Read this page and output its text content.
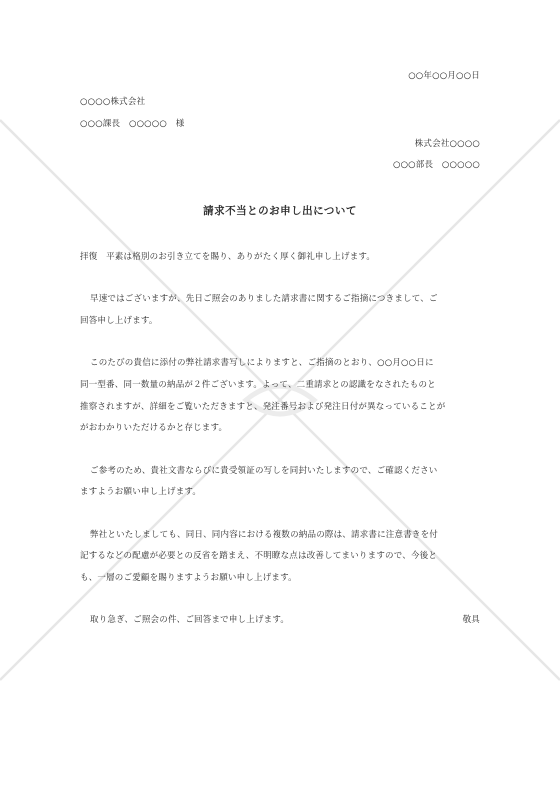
○○年○○月○○日
○○○○株式会社
○○○課長　○○○○○　様
株式会社○○○○
○○○部長　○○○○○
請求不当とのお申し出について
拝復　平素は格別のお引き立てを賜り、ありがたく厚く御礼申し上げます。
早速ではございますが、先日ご照会のありました請求書に関するご指摘につきまして、ご
回答申し上げます。
このたびの貴信に添付の弊社請求書写しによりますと、ご指摘のとおり、○○月○○日に
同一型番、同一数量の納品が２件ございます。よって、二重請求との認識をなされたものと
推察されますが、詳細をご覧いただきますと、発注番号および発注日付が異なっていることが
がおわかりいただけるかと存じます。
ご参考のため、貴社文書ならびに貴受領証の写しを同封いたしますので、ご確認ください
ますようお願い申し上げます。
弊社といたしましても、同日、同内容における複数の納品の際は、請求書に注意書きを付
記するなどの配慮が必要との反省を踏まえ、不明瞭な点は改善してまいりますので、今後と
も、一層のご愛顧を賜りますようお願い申し上げます。
取り急ぎ、ご照会の件、ご回答まで申し上げます。	敬具
